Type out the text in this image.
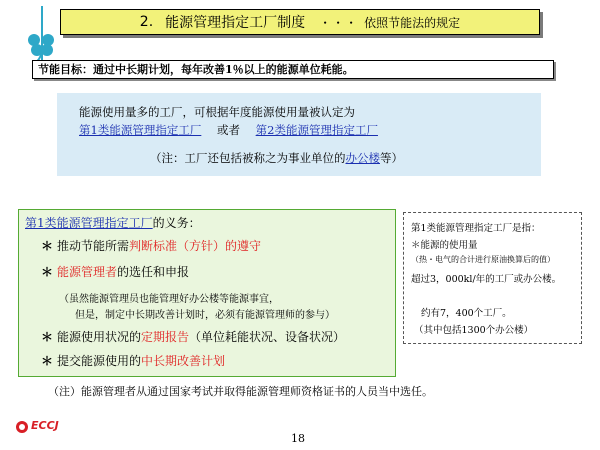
2. 能源管理指定工厂制度 ・・・ 依照节能法的规定
节能目标：通过中长期计划，每年改善1％以上的能源单位耗能。
能源使用量多的工厂，可根据年度能源使用量被认定为
第1类能源管理指定工厂 或者 第2类能源管理指定工厂
（注：工厂还包括被称之为事业单位的办公楼等）
第1类能源管理指定工厂的义务：
＊ 推动节能所需判断标准（方针）的遵守
＊ 能源管理者的选任和申报
（虽然能源管理员也能管理好办公楼等能源事宜，
但是，制定中长期改善计划时，必须有能源管理师的参与）
＊ 能源使用状况的定期报告（单位耗能状况、设备状况）
＊ 提交能源使用的中长期改善计划
第1类能源管理指定工厂是指：
＊能源的使用量
（热・电气的合计进行原油换算后的值）
超过3，000kl/年的工厂或办公楼。
约有7，400个工厂。
（其中包括1300个办公楼）
（注）能源管理者从通过国家考试并取得能源管理师资格证书的人员当中选任。
ECCJ
18
